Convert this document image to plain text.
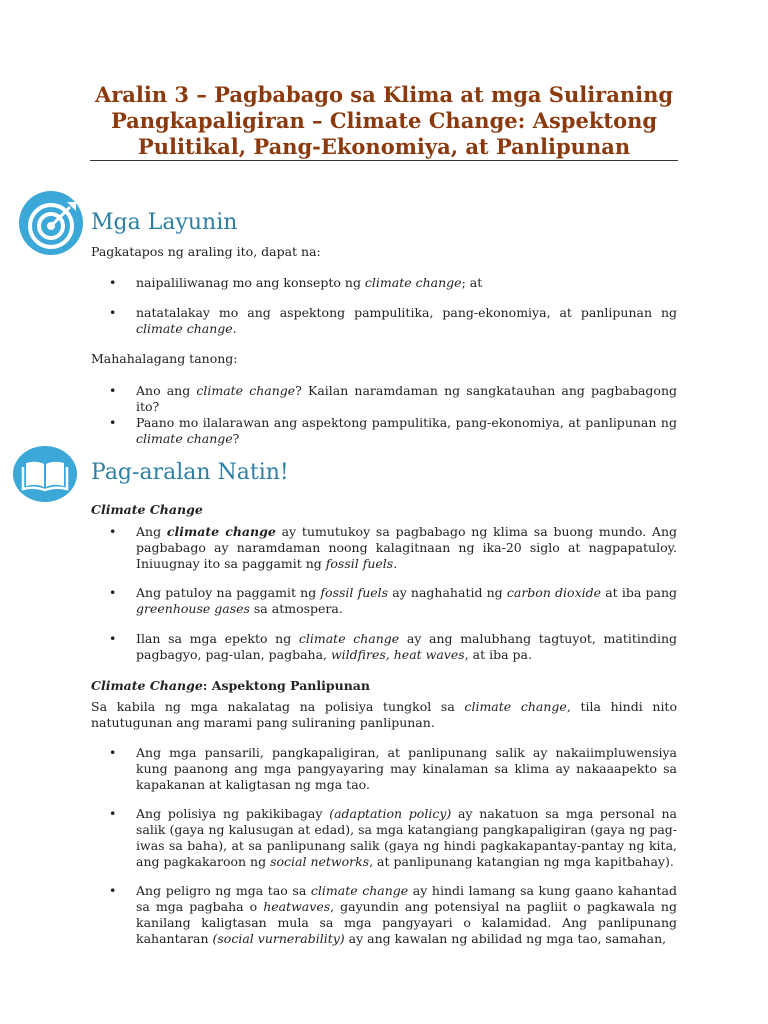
Aralin 3 – Pagbabago sa Klima at mga Suliraning Pangkapaligiran – Climate Change: Aspektong Pulitikal, Pang-Ekonomiya, at Panlipunan
Mga Layunin
Pagkatapos ng araling ito, dapat na:
• naipaliliwanag mo ang konsepto ng climate change; at
• natatalakay mo ang aspektong pampulitika, pang-ekonomiya, at panlipunan ng climate change.
Mahahalagang tanong:
• Ano ang climate change? Kailan naramdaman ng sangkatauhan ang pagbabagong ito?
• Paano mo ilalarawan ang aspektong pampulitika, pang-ekonomiya, at panlipunan ng climate change?
Pag-aralan Natin!
Climate Change
• Ang climate change ay tumutukoy sa pagbabago ng klima sa buong mundo. Ang pagbabago ay naramdaman noong kalagitnaan ng ika-20 siglo at nagpapatuloy. Iniuugnay ito sa paggamit ng fossil fuels.
• Ang patuloy na paggamit ng fossil fuels ay naghahatid ng carbon dioxide at iba pang greenhouse gases sa atmospera.
• Ilan sa mga epekto ng climate change ay ang malubhang tagtuyot, matitinding pagbagyo, pag-ulan, pagbaha, wildfires, heat waves, at iba pa.
Climate Change: Aspektong Panlipunan
Sa kabila ng mga nakalatag na polisiya tungkol sa climate change, tila hindi nito natutugunan ang marami pang suliraning panlipunan.
• Ang mga pansarili, pangkapaligiran, at panlipunang salik ay nakaiimpluwensiya kung paanong ang mga pangyayaring may kinalaman sa klima ay nakaaapekto sa kapakanan at kaligtasan ng mga tao.
• Ang polisiya ng pakikibagay (adaptation policy) ay nakatuon sa mga personal na salik (gaya ng kalusugan at edad), sa mga katangiang pangkapaligiran (gaya ng pag-iwas sa baha), at sa panlipunang salik (gaya ng hindi pagkakapantay-pantay ng kita, ang pagkakaroon ng social networks, at panlipunang katangian ng mga kapitbahay).
• Ang peligro ng mga tao sa climate change ay hindi lamang sa kung gaano kahantad sa mga pagbaha o heatwaves, gayundin ang potensiyal na pagliit o pagkawala ng kanilang kaligtasan mula sa mga pangyayari o kalamidad. Ang panlipunang kahantaran (social vurnerability) ay ang kawalan ng abilidad ng mga tao, samahan,
